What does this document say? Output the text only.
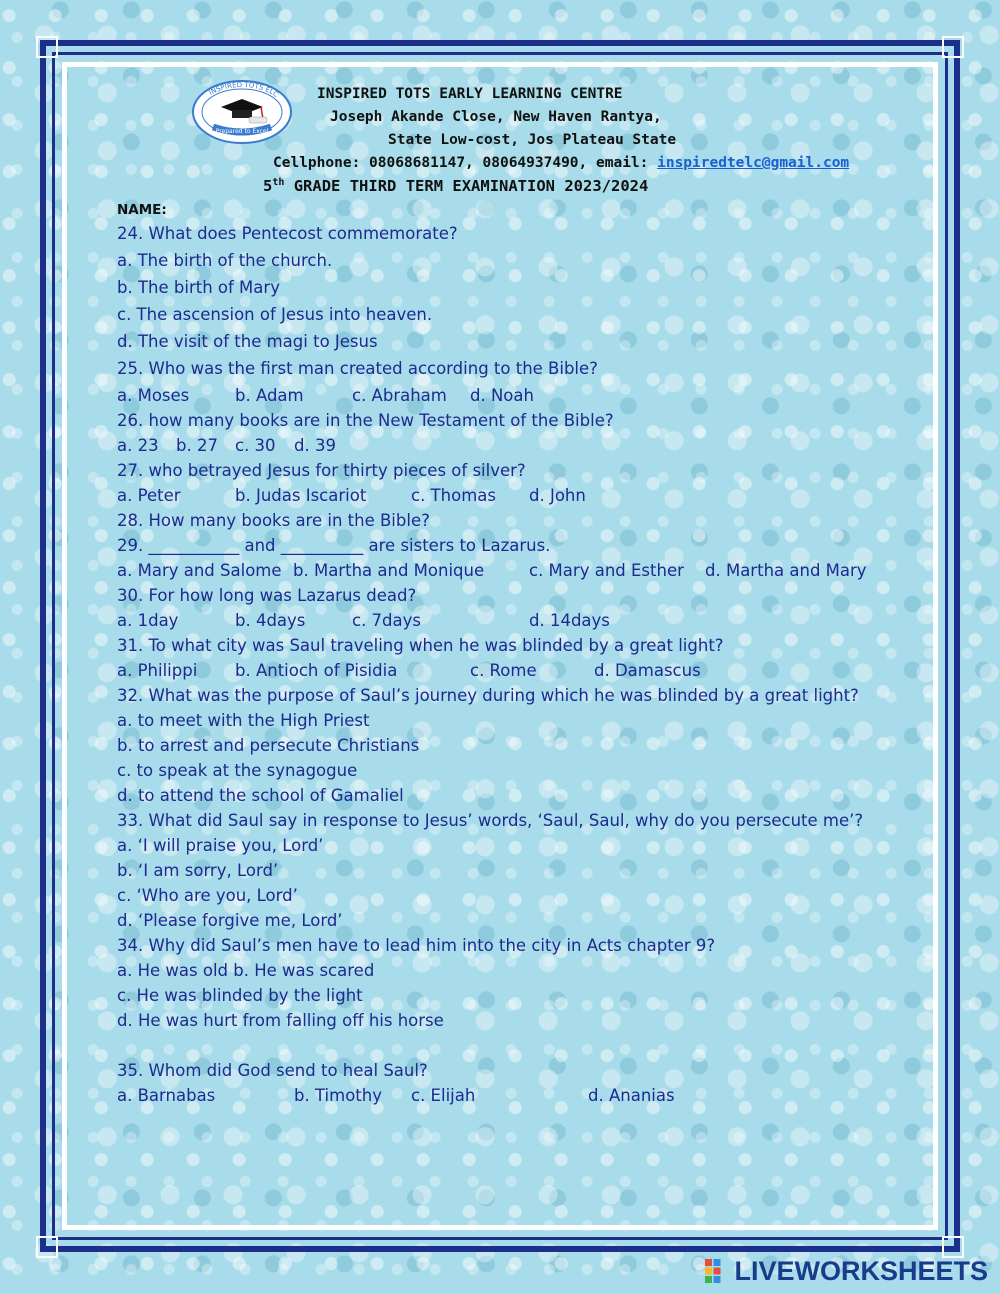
INSPIRED TOTS ELC
Prepared to Excel
INSPIRED TOTS EARLY LEARNING CENTRE
Joseph Akande Close, New Haven Rantya,
State Low-cost, Jos Plateau State
Cellphone: 08068681147, 08064937490, email: inspiredtelc@gmail.com
5th GRADE THIRD TERM EXAMINATION 2023/2024
NAME:
24. What does Pentecost commemorate?
a. The birth of the church.
b. The birth of Mary
c. The ascension of Jesus into heaven.
d. The visit of the magi to Jesus
25. Who was the first man created according to the Bible?
a. Moses	b. Adam	c. Abraham d. Noah
26. how many books are in the New Testament of the Bible?
a. 23 b. 27 c. 30 d. 39
27. who betrayed Jesus for thirty pieces of silver?
a. Peter	b. Judas Iscariot	c. Thomas d. John
28. How many books are in the Bible?
29. ___________ and __________ are sisters to Lazarus.
a. Mary and Salome b. Martha and Monique	c. Mary and Esther d. Martha and Mary
30. For how long was Lazarus dead?
a. 1day	b. 4days	c. 7days	d. 14days
31. To what city was Saul traveling when he was blinded by a great light?
a. Philippi b. Antioch of Pisidia	c. Rome	d. Damascus
32. What was the purpose of Saul’s journey during which he was blinded by a great light?
a. to meet with the High Priest
b. to arrest and persecute Christians
c. to speak at the synagogue
d. to attend the school of Gamaliel
33. What did Saul say in response to Jesus’ words, ‘Saul, Saul, why do you persecute me’?
a. ‘I will praise you, Lord’
b. ‘I am sorry, Lord’
c. ‘Who are you, Lord’
d. ‘Please forgive me, Lord’
34. Why did Saul’s men have to lead him into the city in Acts chapter 9?
a. He was old b. He was scared
c. He was blinded by the light
d. He was hurt from falling off his horse
35. Whom did God send to heal Saul?
a. Barnabas	b. Timothy c. Elijah	d. Ananias
LIVEWORKSHEETS
